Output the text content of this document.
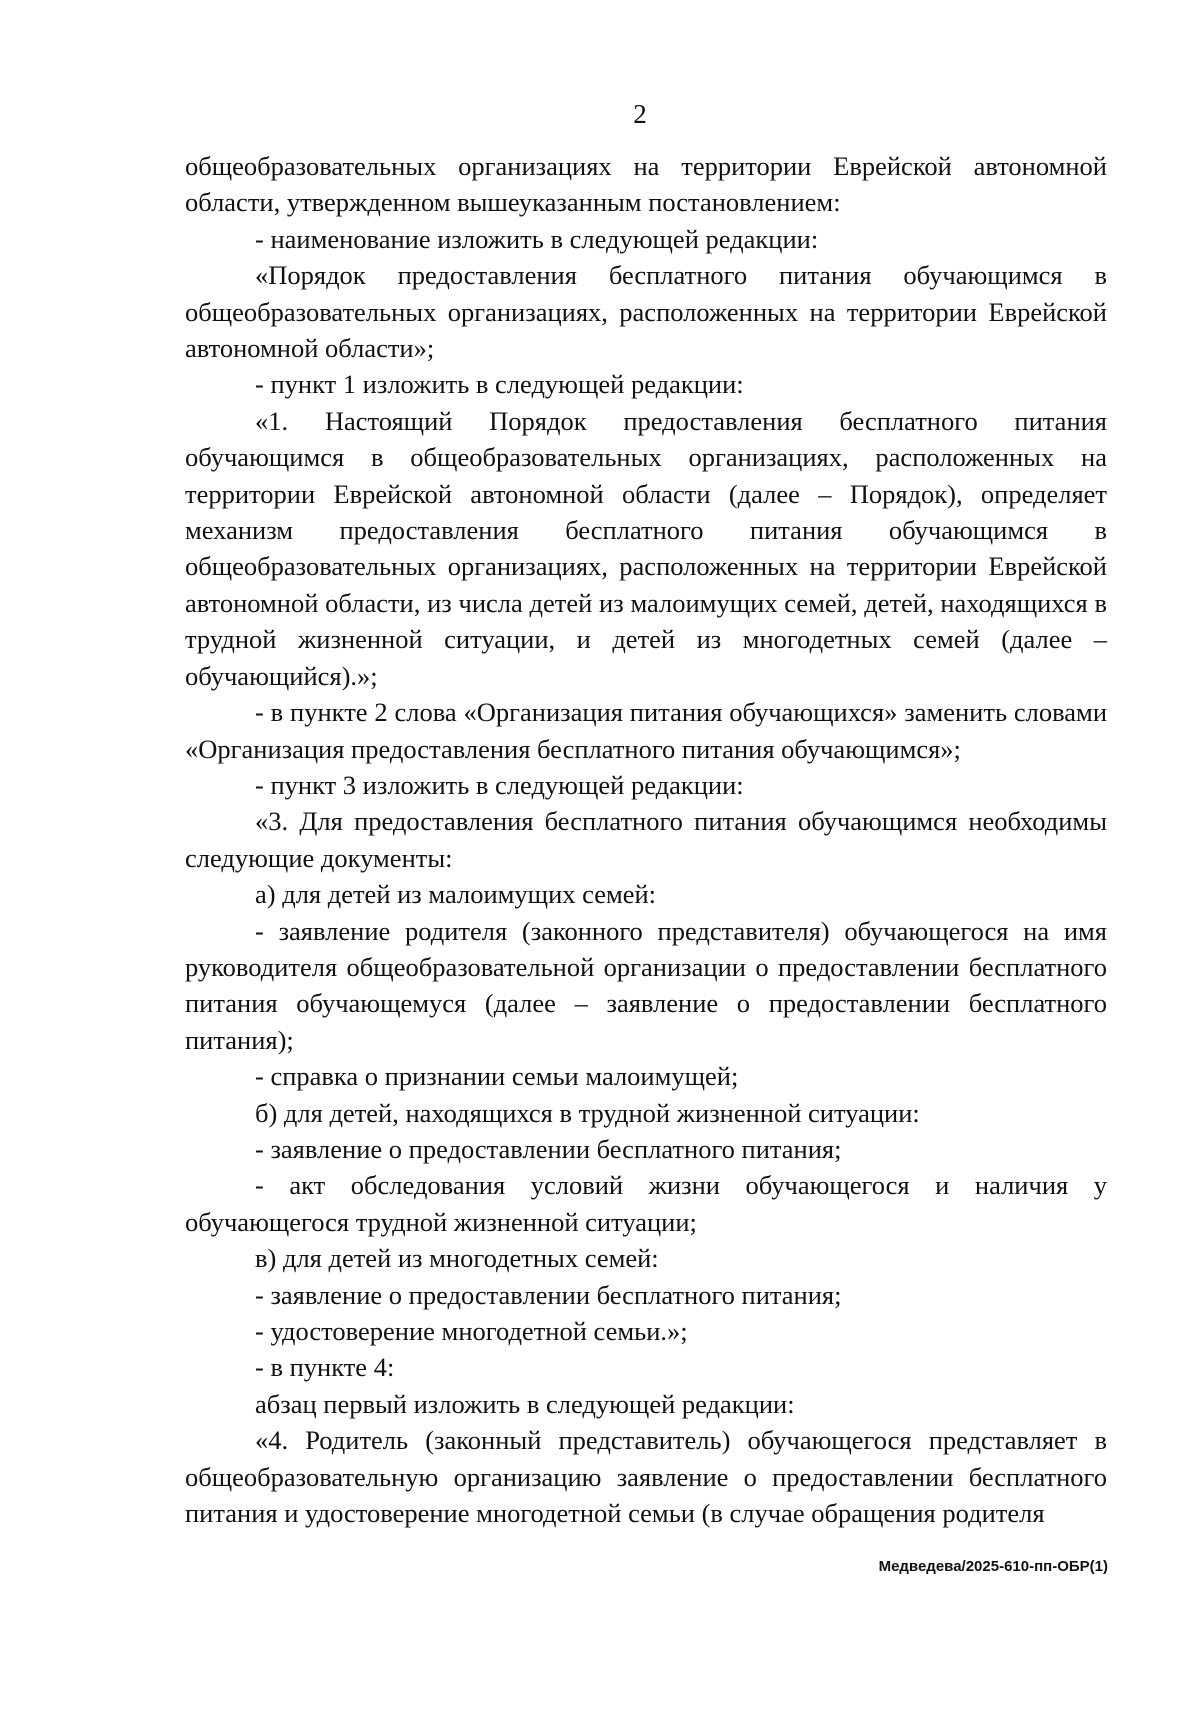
2

общеобразовательных организациях на территории Еврейской автономной области, утвержденном вышеуказанным постановлением:

- наименование изложить в следующей редакции:

«Порядок предоставления бесплатного питания обучающимся в общеобразовательных организациях, расположенных на территории Еврейской автономной области»;

- пункт 1 изложить в следующей редакции:

«1. Настоящий Порядок предоставления бесплатного питания обучающимся в общеобразовательных организациях, расположенных на территории Еврейской автономной области (далее – Порядок), определяет механизм предоставления бесплатного питания обучающимся в общеобразовательных организациях, расположенных на территории Еврейской автономной области, из числа детей из малоимущих семей, детей, находящихся в трудной жизненной ситуации, и детей из многодетных семей (далее – обучающийся).»;

- в пункте 2 слова «Организация питания обучающихся» заменить словами «Организация предоставления бесплатного питания обучающимся»;

- пункт 3 изложить в следующей редакции:

«3. Для предоставления бесплатного питания обучающимся необходимы следующие документы:

а) для детей из малоимущих семей:

- заявление родителя (законного представителя) обучающегося на имя руководителя общеобразовательной организации о предоставлении бесплатного питания обучающемуся (далее – заявление о предоставлении бесплатного питания);

- справка о признании семьи малоимущей;

б) для детей, находящихся в трудной жизненной ситуации:

- заявление о предоставлении бесплатного питания;

- акт обследования условий жизни обучающегося и наличия у обучающегося трудной жизненной ситуации;

в) для детей из многодетных семей:

- заявление о предоставлении бесплатного питания;

- удостоверение многодетной семьи.»;

- в пункте 4:

абзац первый изложить в следующей редакции:

«4. Родитель (законный представитель) обучающегося представляет в общеобразовательную организацию заявление о предоставлении бесплатного питания и удостоверение многодетной семьи (в случае обращения родителя

Медведева/2025-610-пп-ОБР(1)
